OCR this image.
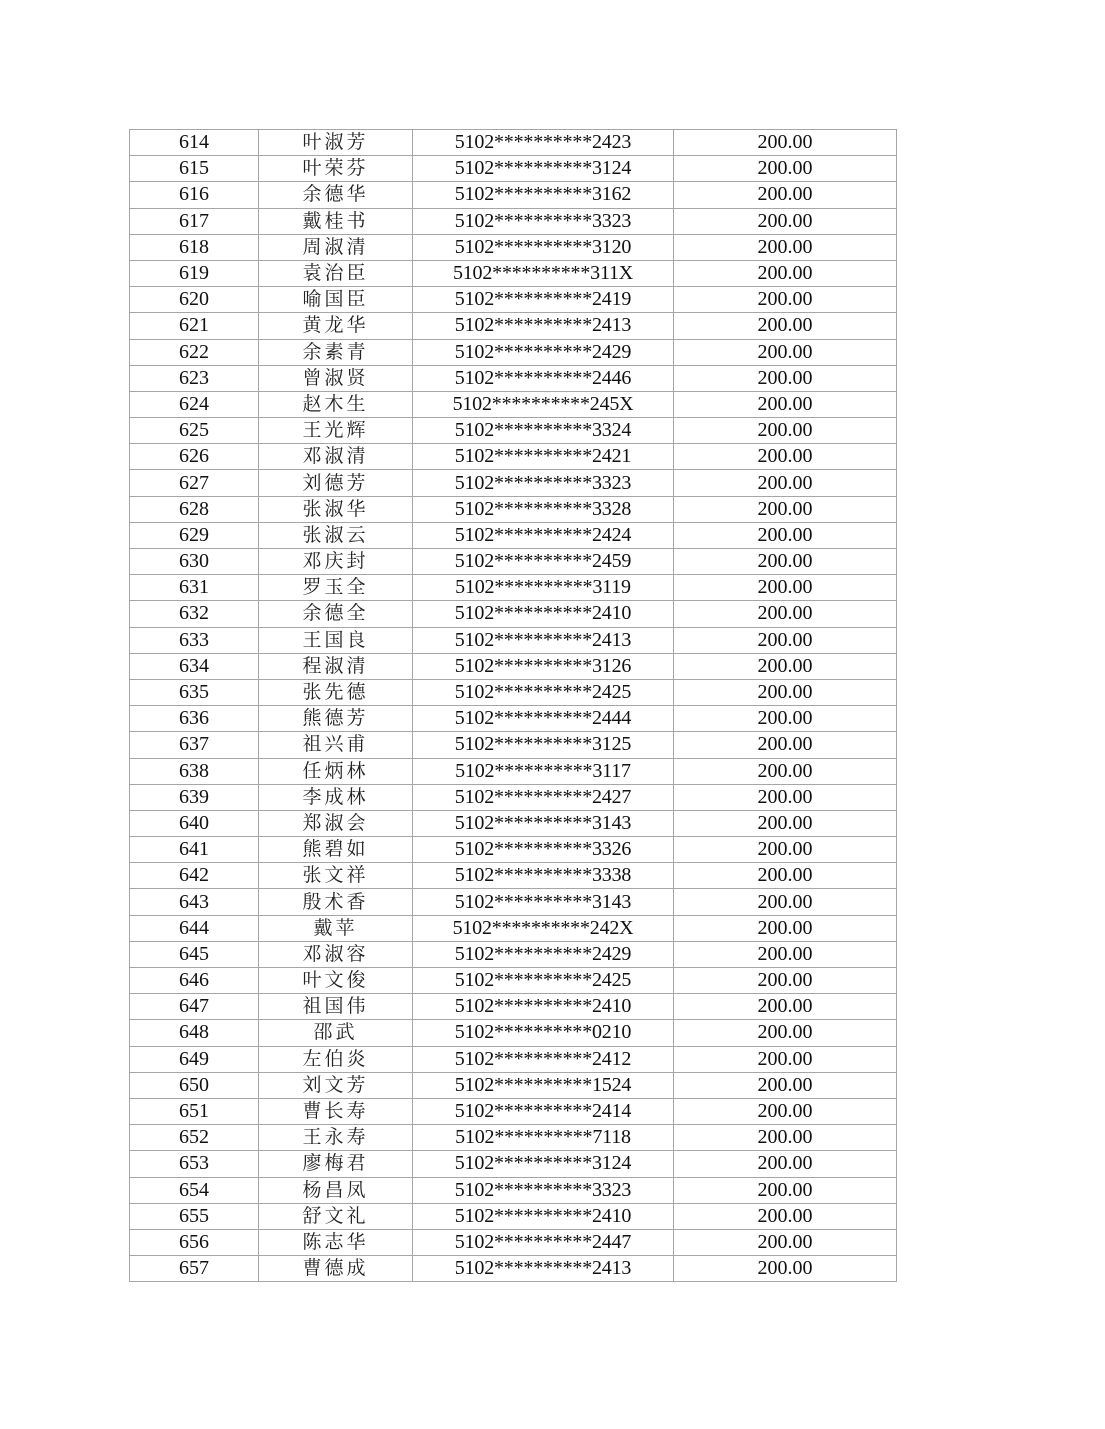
614	叶淑芳	5102**********2423	200.00
615	叶荣芬	5102**********3124	200.00
616	余德华	5102**********3162	200.00
617	戴桂书	5102**********3323	200.00
618	周淑清	5102**********3120	200.00
619	袁治臣	5102**********311X	200.00
620	喻国臣	5102**********2419	200.00
621	黄龙华	5102**********2413	200.00
622	余素青	5102**********2429	200.00
623	曾淑贤	5102**********2446	200.00
624	赵木生	5102**********245X	200.00
625	王光辉	5102**********3324	200.00
626	邓淑清	5102**********2421	200.00
627	刘德芳	5102**********3323	200.00
628	张淑华	5102**********3328	200.00
629	张淑云	5102**********2424	200.00
630	邓庆封	5102**********2459	200.00
631	罗玉全	5102**********3119	200.00
632	余德全	5102**********2410	200.00
633	王国良	5102**********2413	200.00
634	程淑清	5102**********3126	200.00
635	张先德	5102**********2425	200.00
636	熊德芳	5102**********2444	200.00
637	祖兴甫	5102**********3125	200.00
638	任炳林	5102**********3117	200.00
639	李成林	5102**********2427	200.00
640	郑淑会	5102**********3143	200.00
641	熊碧如	5102**********3326	200.00
642	张文祥	5102**********3338	200.00
643	殷术香	5102**********3143	200.00
644	戴苹	5102**********242X	200.00
645	邓淑容	5102**********2429	200.00
646	叶文俊	5102**********2425	200.00
647	祖国伟	5102**********2410	200.00
648	邵武	5102**********0210	200.00
649	左伯炎	5102**********2412	200.00
650	刘文芳	5102**********1524	200.00
651	曹长寿	5102**********2414	200.00
652	王永寿	5102**********7118	200.00
653	廖梅君	5102**********3124	200.00
654	杨昌凤	5102**********3323	200.00
655	舒文礼	5102**********2410	200.00
656	陈志华	5102**********2447	200.00
657	曹德成	5102**********2413	200.00
